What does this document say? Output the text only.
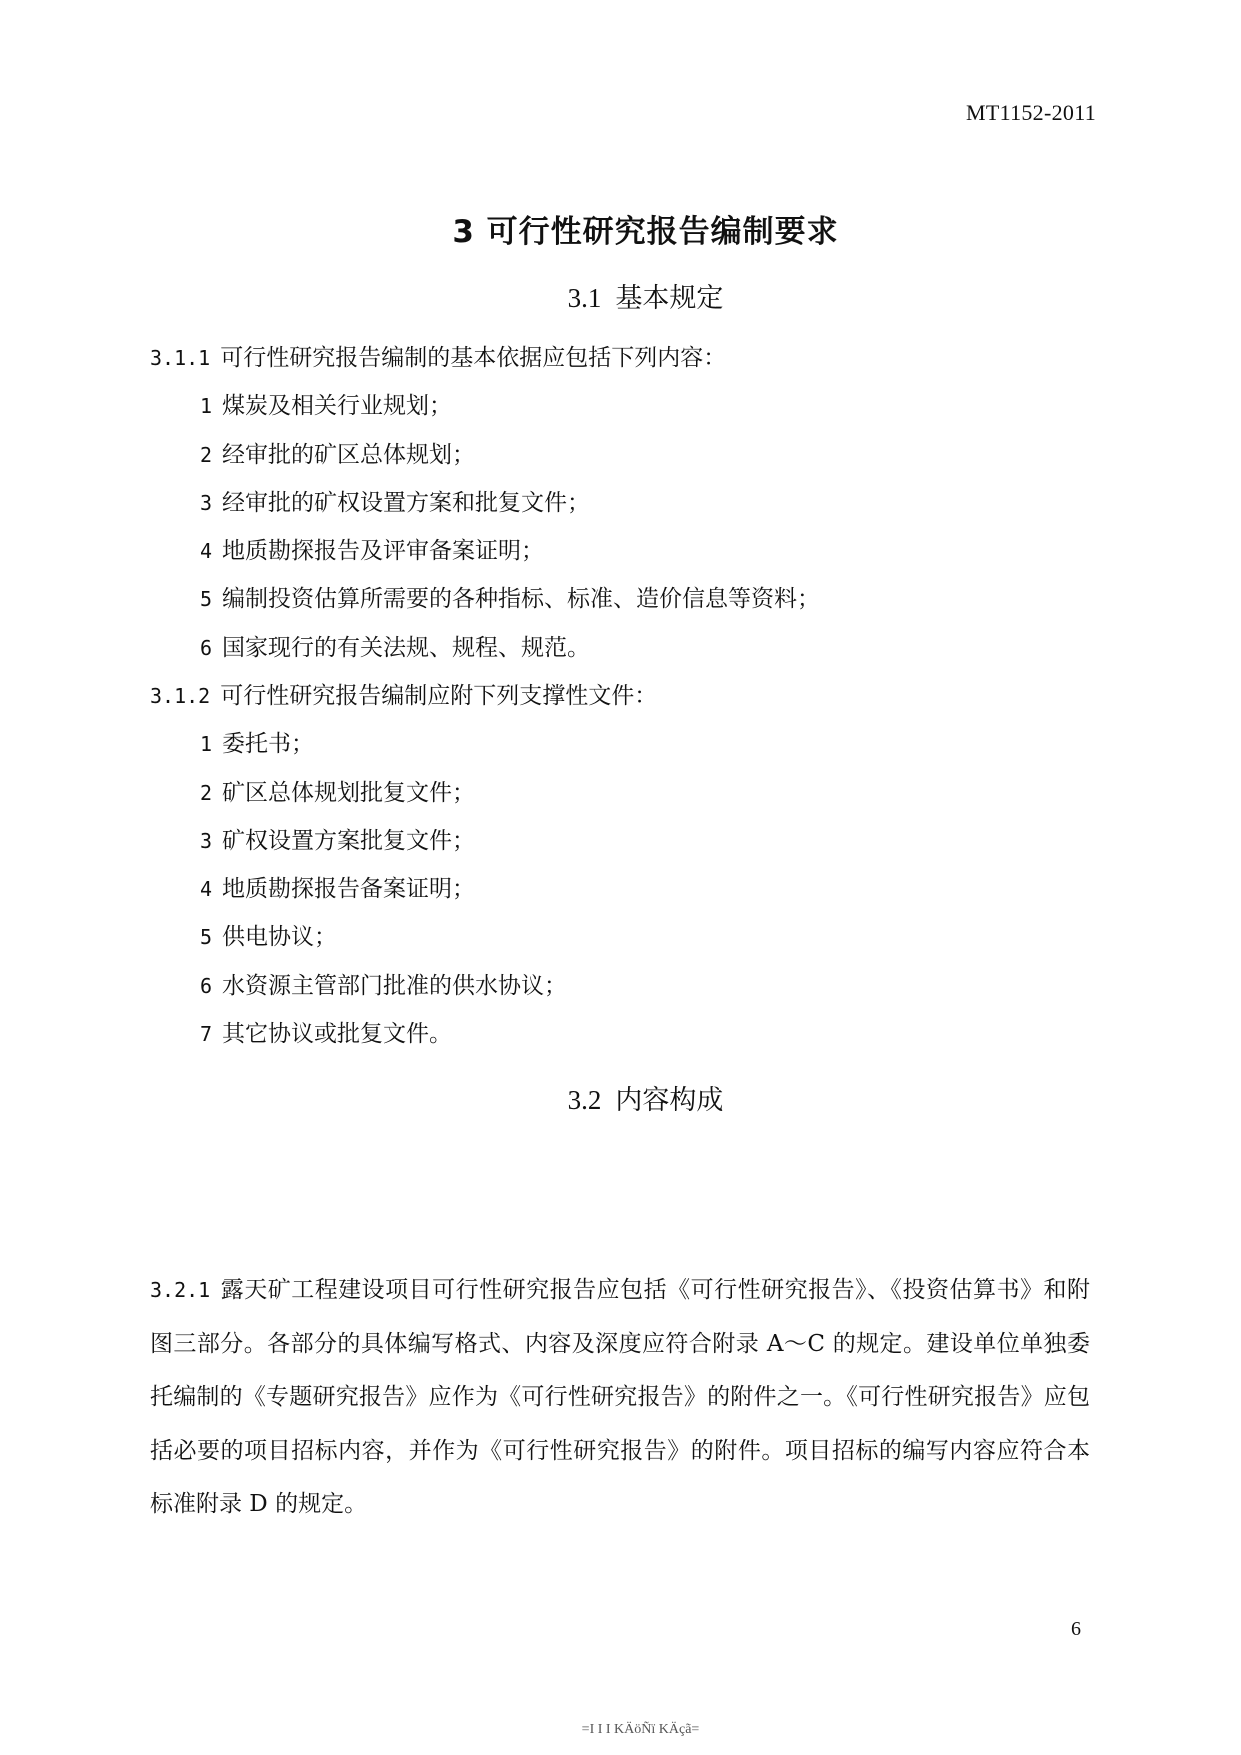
MT1152-2011
3 可行性研究报告编制要求
3.1 基本规定
3.1.1 可行性研究报告编制的基本依据应包括下列内容：
1 煤炭及相关行业规划；
2 经审批的矿区总体规划；
3 经审批的矿权设置方案和批复文件；
4 地质勘探报告及评审备案证明；
5 编制投资估算所需要的各种指标、标准、造价信息等资料；
6 国家现行的有关法规、规程、规范。
3.1.2 可行性研究报告编制应附下列支撑性文件：
1 委托书；
2 矿区总体规划批复文件；
3 矿权设置方案批复文件；
4 地质勘探报告备案证明；
5 供电协议；
6 水资源主管部门批准的供水协议；
7 其它协议或批复文件。
3.2 内容构成
3.2.1 露天矿工程建设项目可行性研究报告应包括《可行性研究报告》、《投资估算书》和附图三部分。各部分的具体编写格式、内容及深度应符合附录 A～C 的规定。建设单位单独委托编制的《专题研究报告》应作为《可行性研究报告》的附件之一。《可行性研究报告》应包括必要的项目招标内容，并作为《可行性研究报告》的附件。项目招标的编写内容应符合本标准附录 D 的规定。
6
=I I I KÄöÑï KÄçã=
